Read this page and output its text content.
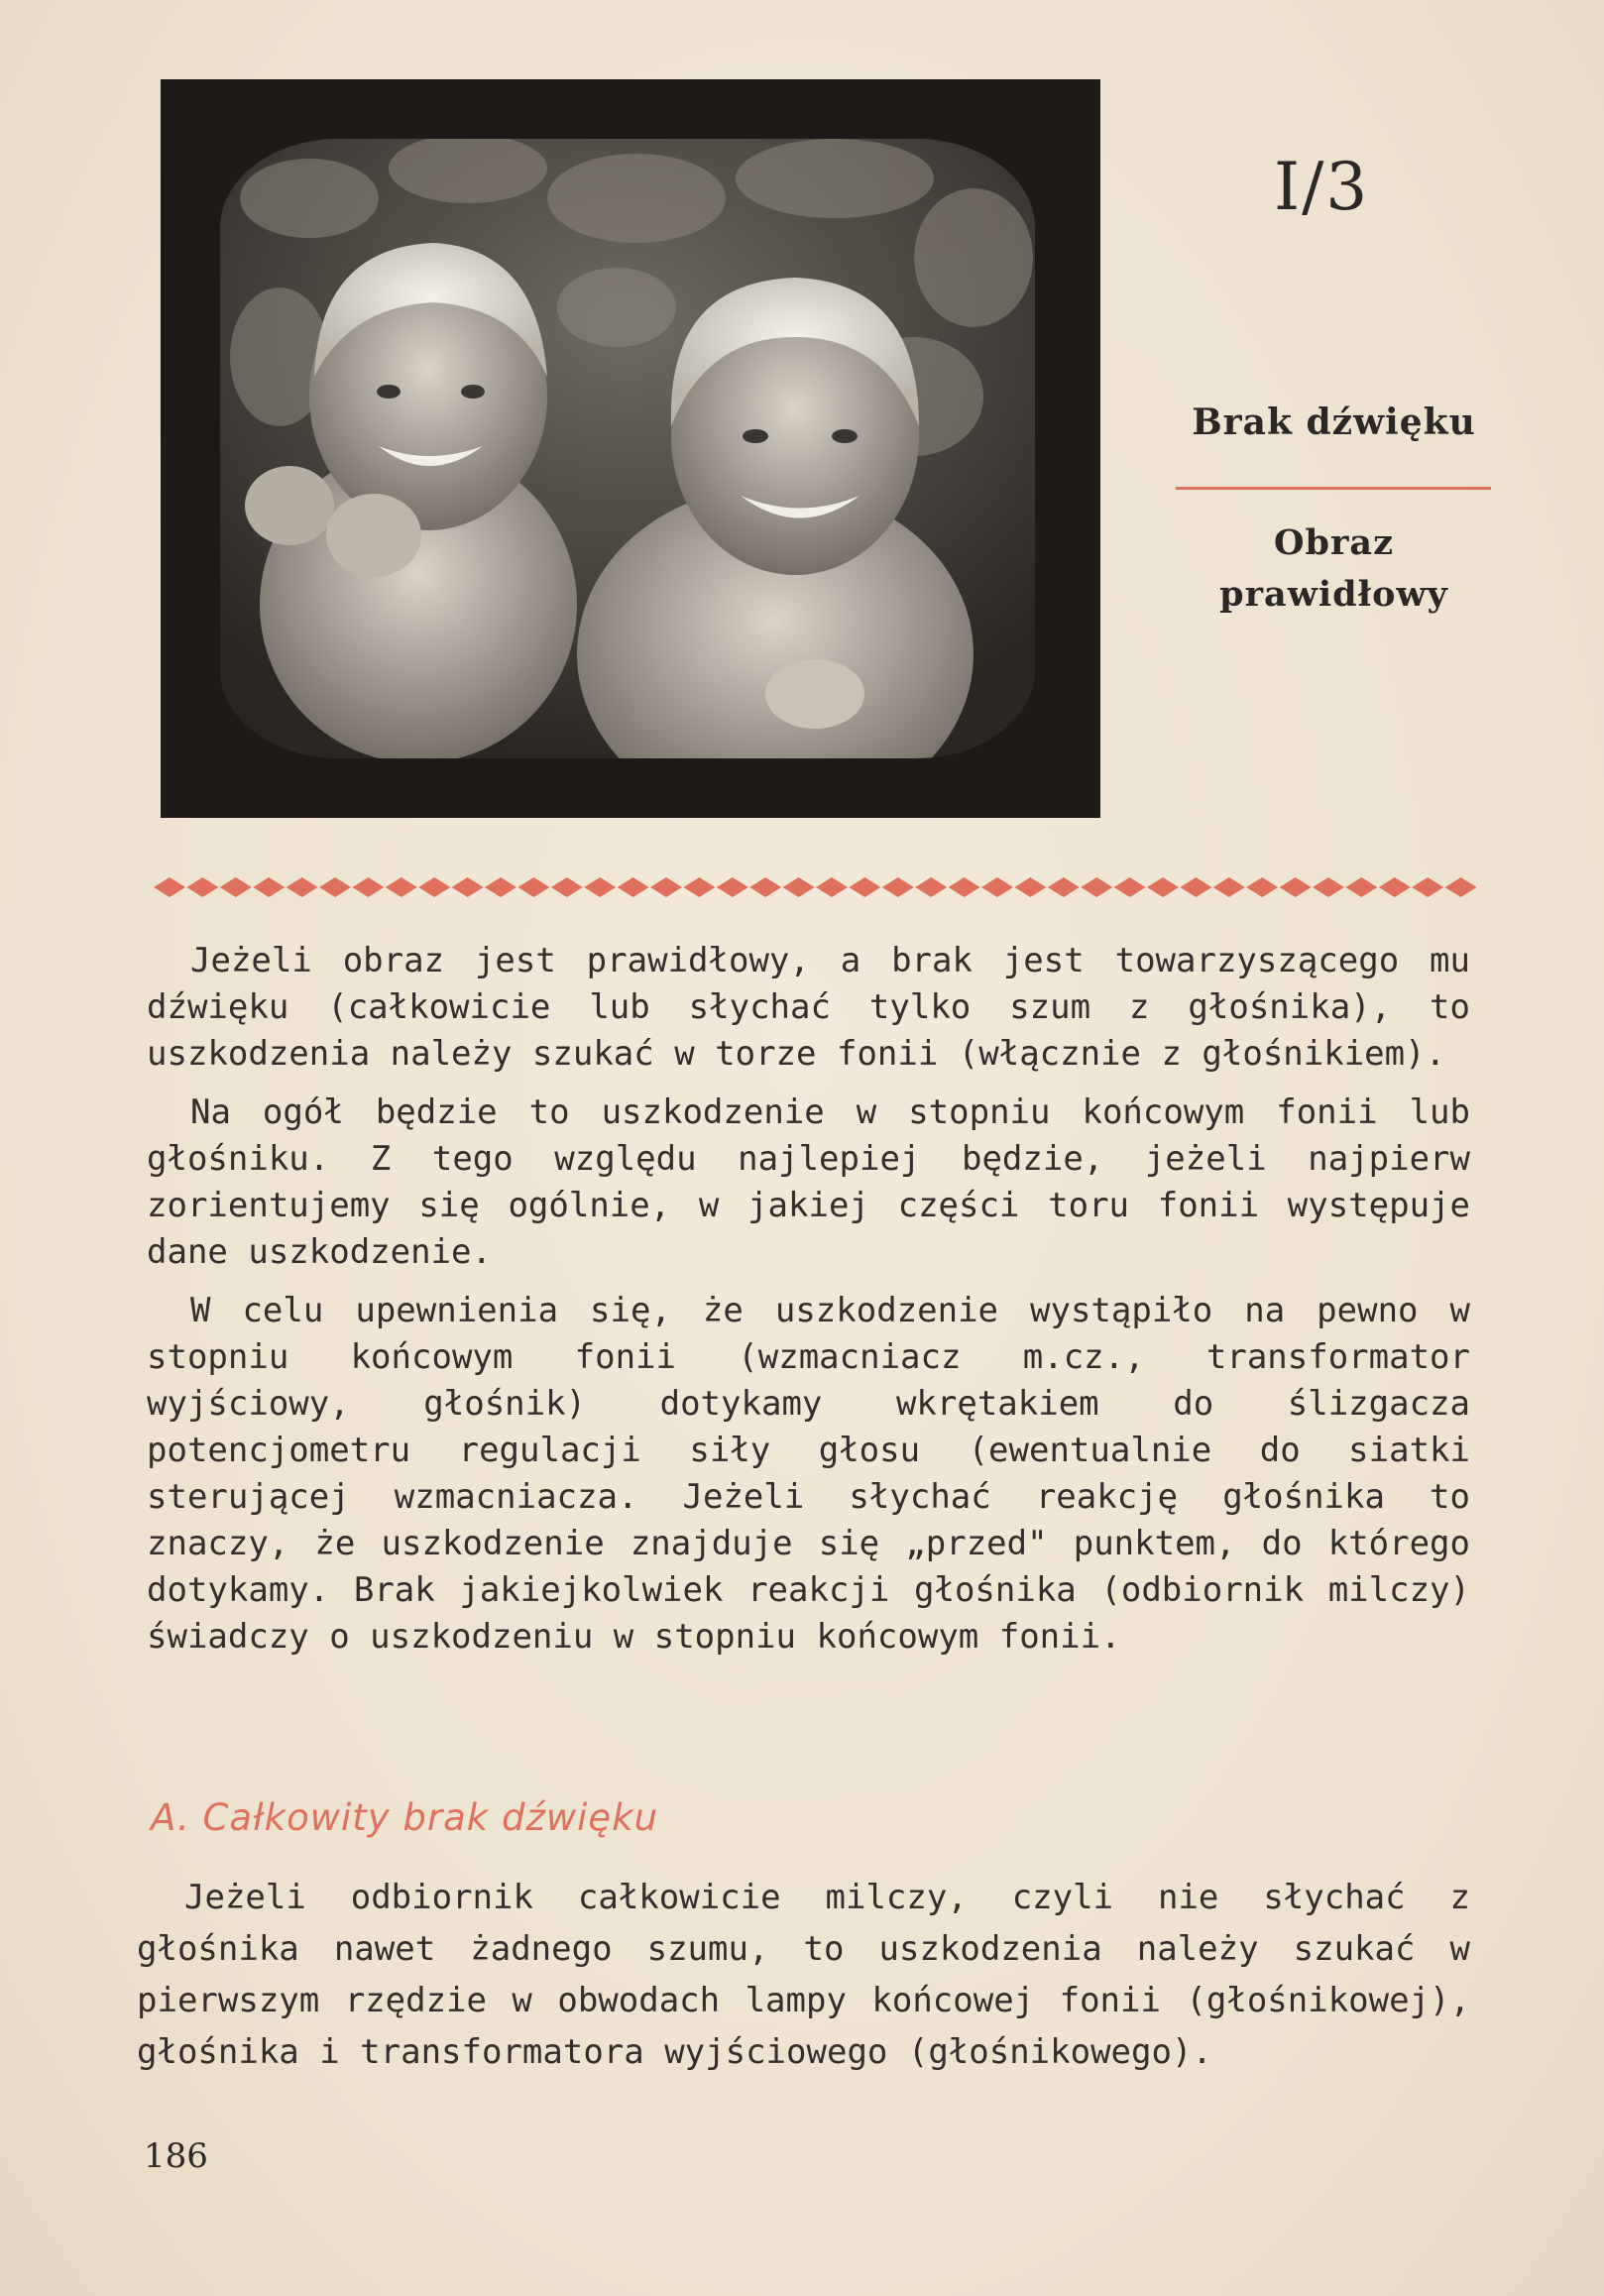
I/3
Brak dźwięku
Obraz prawidłowy

Jeżeli obraz jest prawidłowy, a brak jest towarzyszącego mu dźwięku (całkowicie lub słychać tylko szum z głośnika), to uszkodzenia należy szukać w torze fonii (włącznie z głośnikiem).

Na ogół będzie to uszkodzenie w stopniu końcowym fonii lub głośniku. Z tego względu najlepiej będzie, jeżeli najpierw zorientujemy się ogólnie, w jakiej części toru fonii występuje dane uszkodzenie.

W celu upewnienia się, że uszkodzenie wystąpiło na pewno w stopniu końcowym fonii (wzmacniacz m.cz., transformator wyjściowy, głośnik) dotykamy wkrętakiem do ślizgacza potencjometru regulacji siły głosu (ewentualnie do siatki sterującej wzmacniacza. Jeżeli słychać reakcję głośnika to znaczy, że uszkodzenie znajduje się „przed" punktem, do którego dotykamy. Brak jakiejkolwiek reakcji głośnika (odbiornik milczy) świadczy o uszkodzeniu w stopniu końcowym fonii.

A. Całkowity brak dźwięku

Jeżeli odbiornik całkowicie milczy, czyli nie słychać z głośnika nawet żadnego szumu, to uszkodzenia należy szukać w pierwszym rzędzie w obwodach lampy końcowej fonii (głośnikowej), głośnika i transformatora wyjściowego (głośnikowego).

186
